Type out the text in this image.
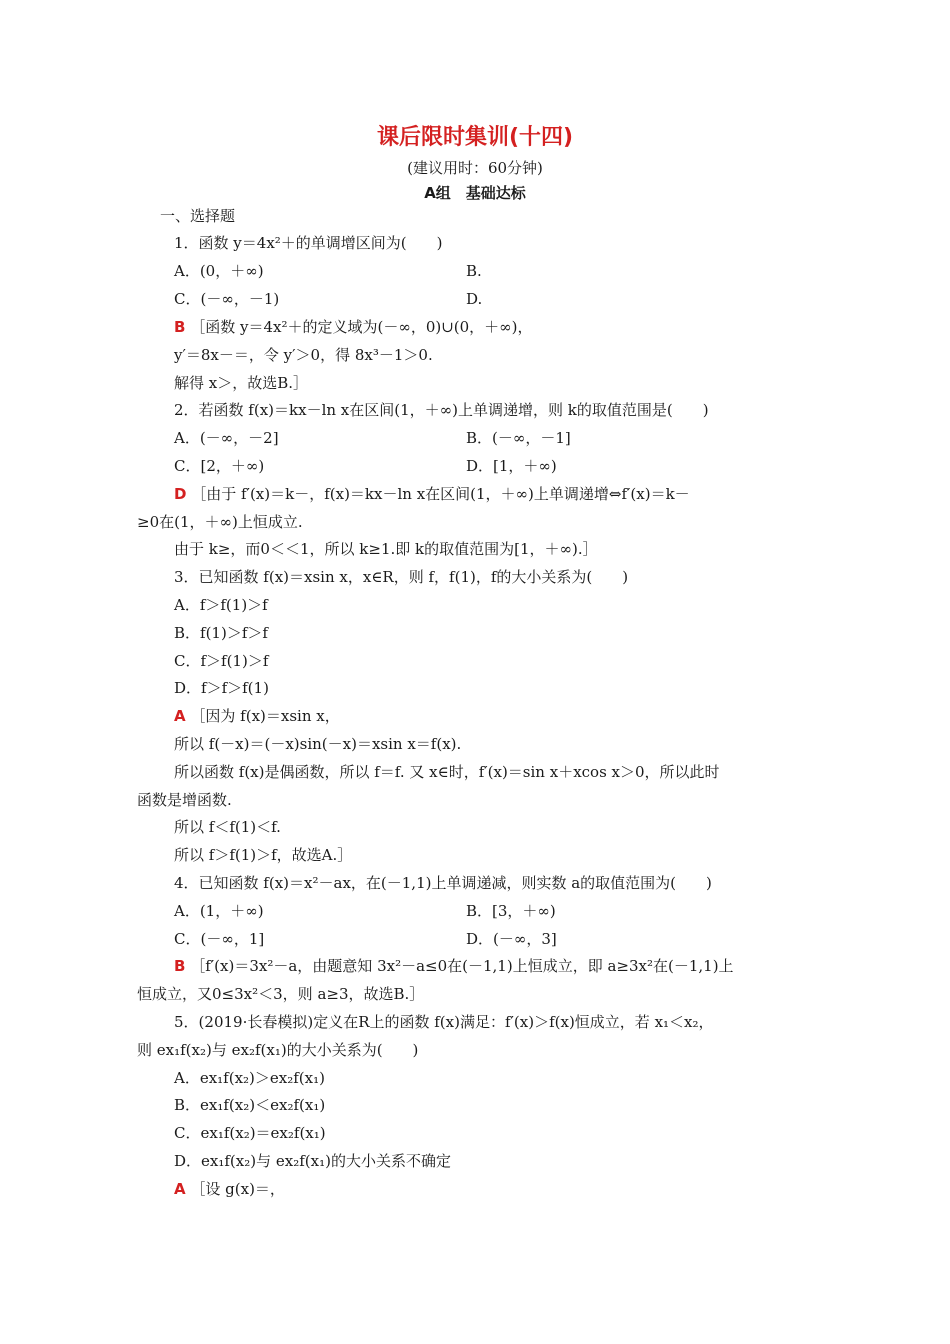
课后限时集训(十四)
(建议用时：60分钟)
A组　基础达标
一、选择题
1．函数 y＝4x²＋的单调增区间为(　　)
A．(0，＋∞)	B.
C．(－∞，－1)	D.
B ［函数 y＝4x²＋的定义域为(－∞，0)∪(0，＋∞)，
y′＝8x－＝，令 y′＞0，得 8x³－1＞0.
解得 x＞，故选B.］
2．若函数 f(x)＝kx－ln x在区间(1，＋∞)上单调递增，则 k的取值范围是(　　)
A．(－∞，－2]	B．(－∞，－1]
C．[2，＋∞)	D．[1，＋∞)
D ［由于 f′(x)＝k－，f(x)＝kx－ln x在区间(1，＋∞)上单调递增⇔f′(x)＝k－
≥0在(1，＋∞)上恒成立.
由于 k≥，而0＜＜1，所以 k≥1.即 k的取值范围为[1，＋∞).］
3．已知函数 f(x)＝xsin x，x∈R，则 f，f(1)，f的大小关系为(　　)
A．f＞f(1)＞f
B．f(1)＞f＞f
C．f＞f(1)＞f
D．f＞f＞f(1)
A ［因为 f(x)＝xsin x，
所以 f(－x)＝(－x)sin(－x)＝xsin x＝f(x).
所以函数 f(x)是偶函数，所以 f＝f. 又 x∈时，f′(x)＝sin x＋xcos x＞0，所以此时
函数是增函数.
所以 f＜f(1)＜f.
所以 f＞f(1)＞f，故选A.］
4．已知函数 f(x)＝x²－ax，在(－1,1)上单调递减，则实数 a的取值范围为(　　)
A．(1，＋∞)	B．[3，＋∞)
C．(－∞，1]	D．(－∞，3]
B ［f′(x)＝3x²－a，由题意知 3x²－a≤0在(－1,1)上恒成立，即 a≥3x²在(－1,1)上
恒成立，又0≤3x²＜3，则 a≥3，故选B.］
5．(2019·长春模拟)定义在R上的函数 f(x)满足：f′(x)＞f(x)恒成立，若 x₁＜x₂，
则 ex₁f(x₂)与 ex₂f(x₁)的大小关系为(　　)
A．ex₁f(x₂)＞ex₂f(x₁)
B．ex₁f(x₂)＜ex₂f(x₁)
C．ex₁f(x₂)＝ex₂f(x₁)
D．ex₁f(x₂)与 ex₂f(x₁)的大小关系不确定
A ［设 g(x)＝，
